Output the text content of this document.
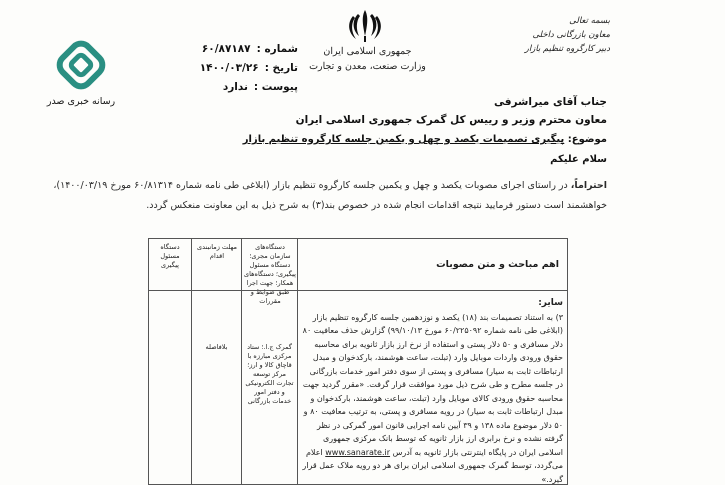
رسانه خبری صدر
شماره :
۶۰/۸۷۱۸۷
تاریخ :
۱۴۰۰/۰۳/۲۶
پیوست :
ندارد
جمهوری اسلامی ایران
وزارت صنعت، معدن و تجارت
بسمه تعالی
معاون بازرگانی داخلی
دبیر کارگروه تنظیم بازار
جناب آقای میراشرفی
معاون محترم وزیر و رییس کل گمرک جمهوری اسلامی ایران
موضوع: پیگیری تصمیمات یکصد و چهل و یکمین جلسه کارگروه تنظیم بازار
سلام علیکم
احتراماً، در راستای اجرای مصوبات یکصد و چهل و یکمین جلسه کارگروه تنظیم بازار (ابلاغی طی نامه شماره ۶۰/۸۱۳۱۴ مورخ ۱۴۰۰/۰۳/۱۹)، خواهشمند است دستور فرمایید نتیجه اقدامات انجام شده در خصوص بند(۳) به شرح ذیل به این معاونت منعکس گردد.
دستگاه مسئول پیگیری
مهلت زمانبندی اقدام
بلافاصله
دستگاه‌های سازمان مجری؛ دستگاه مسئول پیگیری؛ دستگاه‌های همکار؛ جهت اجرا طبق ضوابط و مقررات
گمرک ج.ا.؛ ستاد مرکزی مبارزه با قاچاق کالا و ارز؛ مرکز توسعه تجارت الکترونیکی و دفتر امور خدمات بازرگانی
اهم مباحث و متن مصوبات
سایر:
۳) به استناد تصمیمات بند (۱۸) یکصد و نوزدهمین جلسه کارگروه تنظیم بازار (ابلاغی طی نامه شماره ۶۰/۲۲۵۰۹۲ مورخ ۹۹/۱۰/۱۳) گزارش حذف معافیت ۸۰ دلار مسافری و ۵۰ دلار پستی و استفاده از نرخ ارز بازار ثانویه برای محاسبه حقوق ورودی واردات موبایل وارد (تبلت، ساعت هوشمند، بارکدخوان و مبدل ارتباطات ثابت به سیار) مسافری و پستی از سوی دفتر امور خدمات بازرگانی در جلسه مطرح و طی شرح ذیل مورد موافقت قرار گرفت. «مقرر گردید جهت محاسبه حقوق ورودی کالای موبایل وارد (تبلت، ساعت هوشمند، بارکدخوان و مبدل ارتباطات ثابت به سیار) در رویه مسافری و پستی، به ترتیب معافیت ۸۰ و ۵۰ دلار موضوع ماده ۱۳۸ و ۳۹ آیین نامه اجرایی قانون امور گمرکی در نظر گرفته نشده و نرخ برابری ارز بازار ثانویه که توسط بانک مرکزی جمهوری اسلامی ایران در پایگاه اینترنتی بازار ثانویه به آدرس www.sanarate.ir اعلام می‌گردد، توسط گمرک جمهوری اسلامی ایران برای هر دو رویه ملاک عمل قرار گیرد.»
